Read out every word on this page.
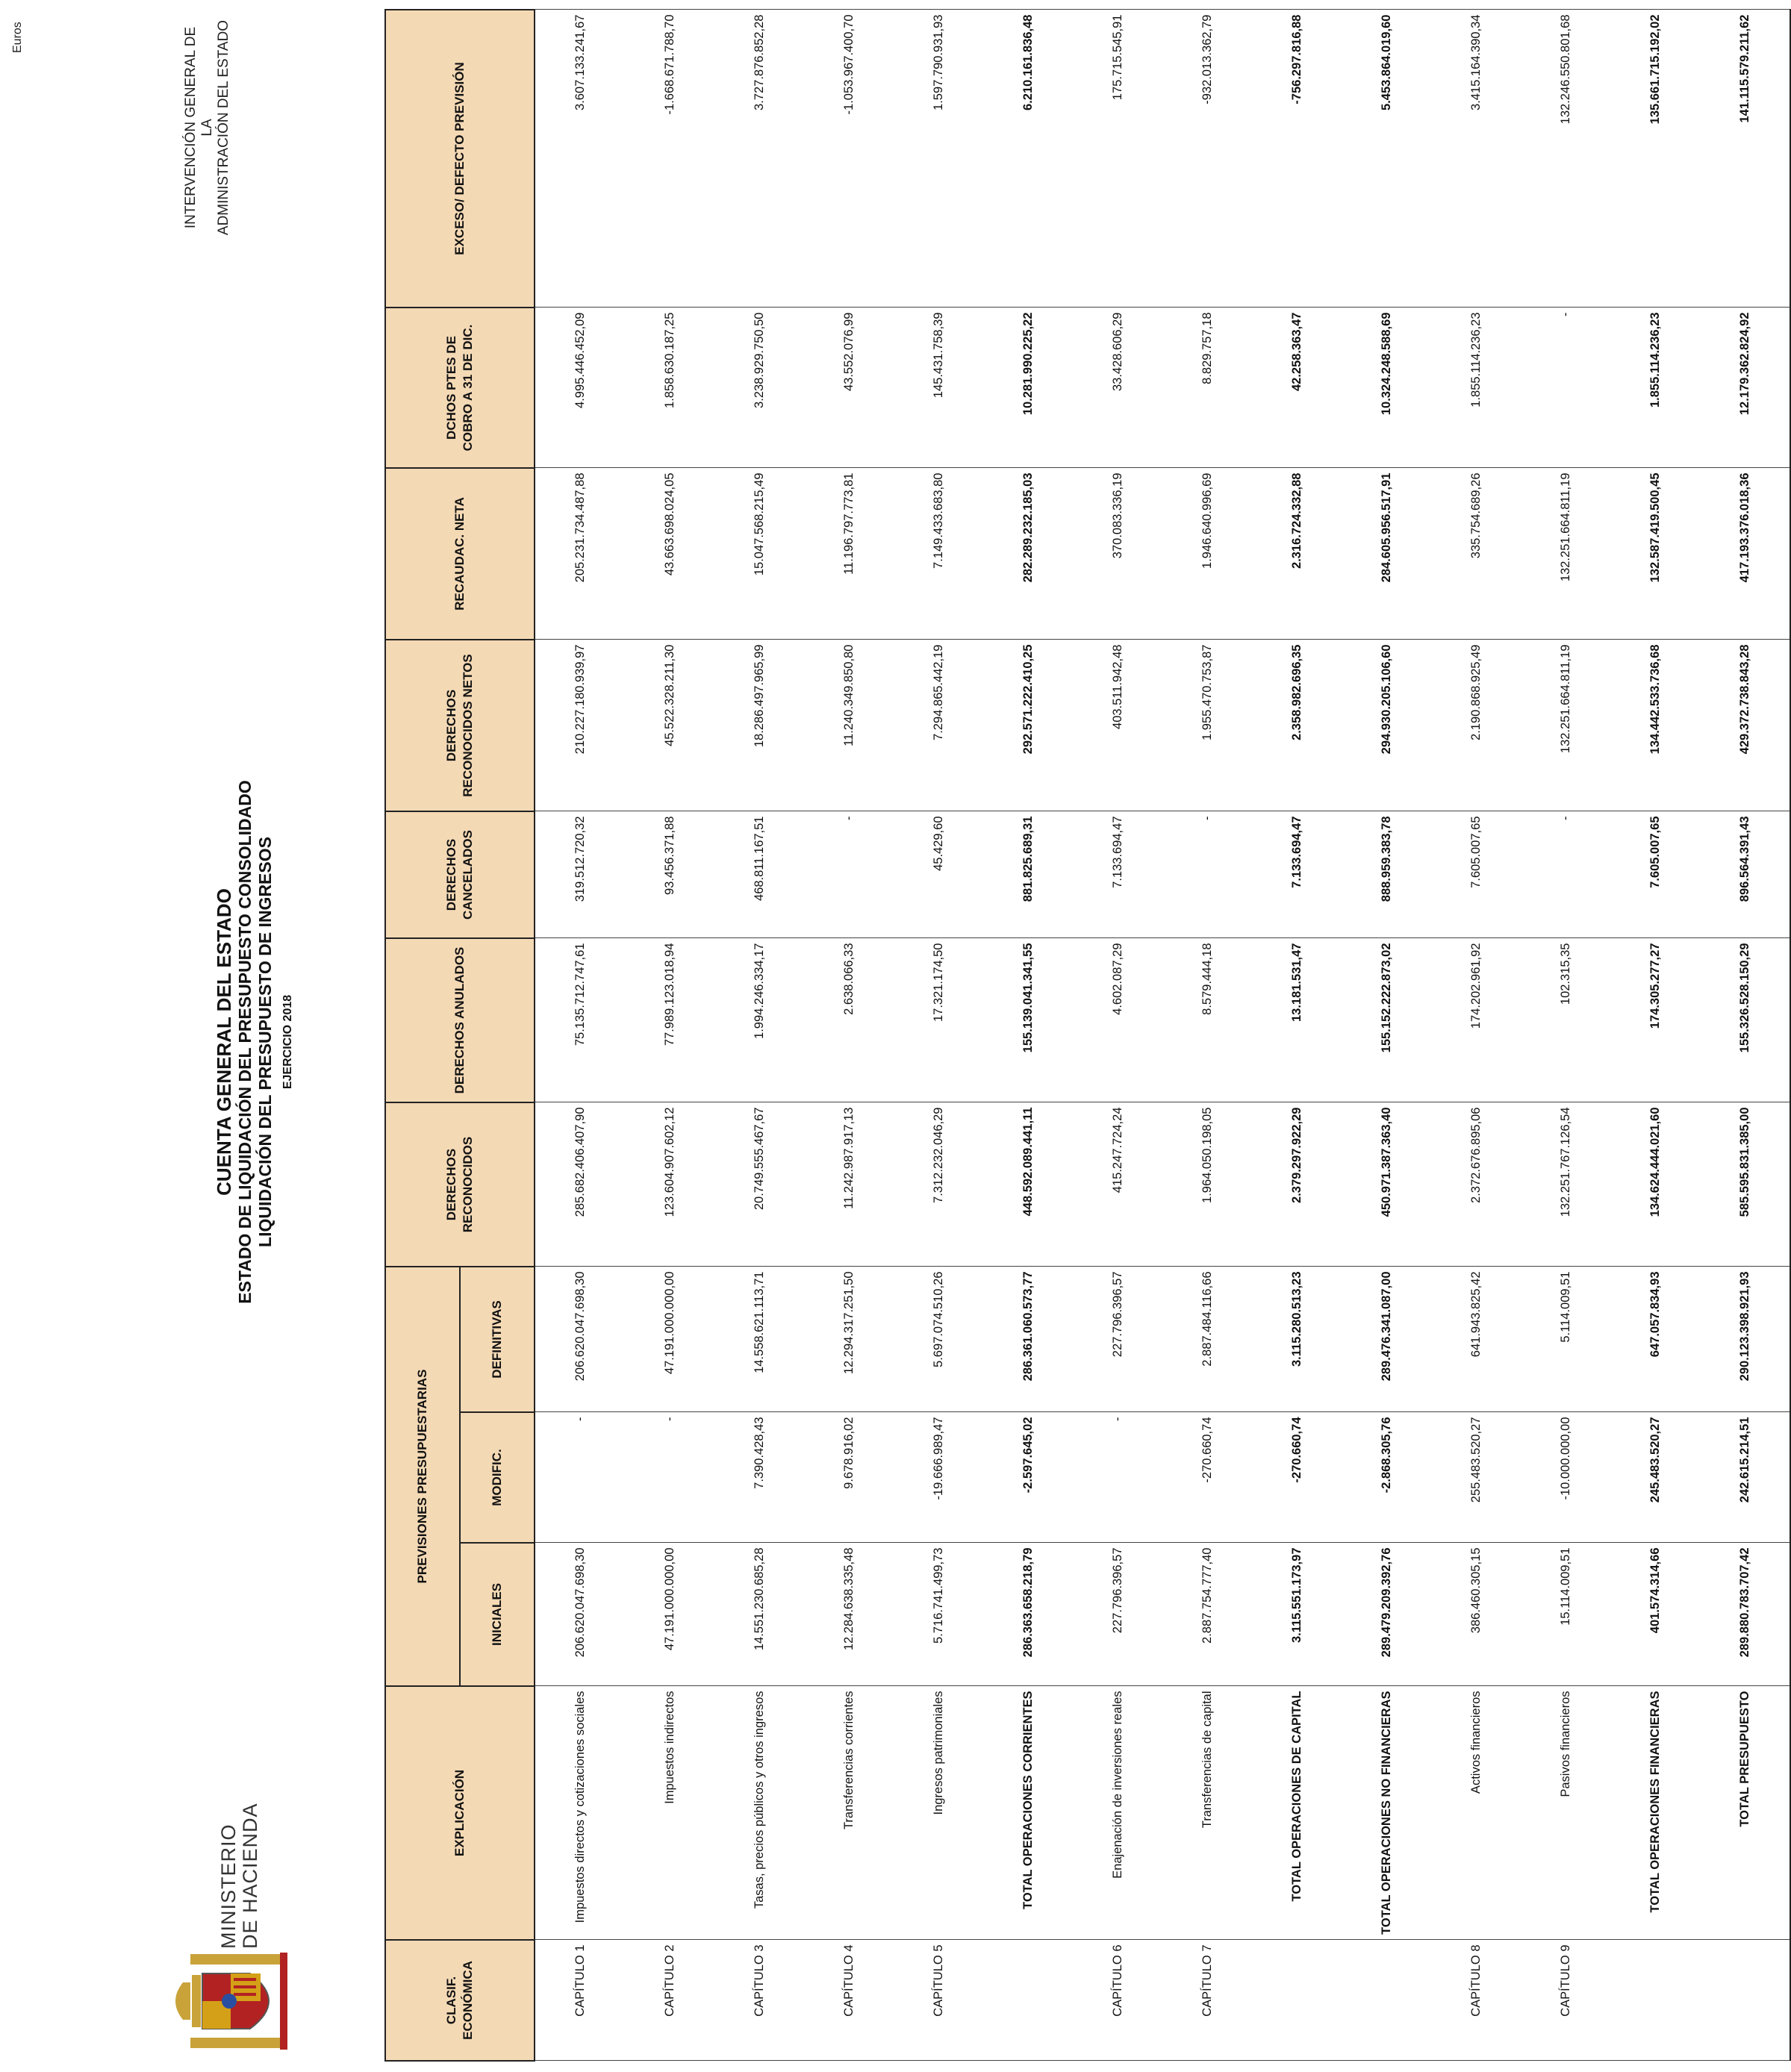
MINISTERIO DE HACIENDA
CUENTA GENERAL DEL ESTADO ESTADO DE LIQUIDACIÓN DEL PRESUPUESTO CONSOLIDADO LIQUIDACIÓN DEL PRESUPUESTO DE INGRESOS EJERCICIO 2018
INTERVENCIÓN GENERAL DE LA ADMINISTRACIÓN DEL ESTADO
Euros
CLASIF. ECONÓMICA	EXPLICACIÓN	PREVISIONES PRESUPUESTARIAS			DERECHOS RECONOCIDOS	DERECHOS ANULADOS	DERECHOS CANCELADOS	DERECHOS RECONOCIDOS NETOS	RECAUDAC. NETA	DCHOS PTES DE COBRO A 31 DE DIC.	EXCESO/ DEFECTO PREVISIÓN
		INICIALES	MODIFIC.	DEFINITIVAS							
CAPÍTULO 1	Impuestos directos y cotizaciones sociales	206.620.047.698,30	-	206.620.047.698,30	285.682.406.407,90	75.135.712.747,61	319.512.720,32	210.227.180.939,97	205.231.734.487,88	4.995.446.452,09	3.607.133.241,67
CAPÍTULO 2	Impuestos indirectos	47.191.000.000,00	-	47.191.000.000,00	123.604.907.602,12	77.989.123.018,94	93.456.371,88	45.522.328.211,30	43.663.698.024,05	1.858.630.187,25	-1.668.671.788,70
CAPÍTULO 3	Tasas, precios públicos y otros ingresos	14.551.230.685,28	7.390.428,43	14.558.621.113,71	20.749.555.467,67	1.994.246.334,17	468.811.167,51	18.286.497.965,99	15.047.568.215,49	3.238.929.750,50	3.727.876.852,28
CAPÍTULO 4	Transferencias corrientes	12.284.638.335,48	9.678.916,02	12.294.317.251,50	11.242.987.917,13	2.638.066,33	-	11.240.349.850,80	11.196.797.773,81	43.552.076,99	-1.053.967.400,70
CAPÍTULO 5	Ingresos patrimoniales	5.716.741.499,73	-19.666.989,47	5.697.074.510,26	7.312.232.046,29	17.321.174,50	45.429,60	7.294.865.442,19	7.149.433.683,80	145.431.758,39	1.597.790.931,93
	TOTAL OPERACIONES CORRIENTES	286.363.658.218,79	-2.597.645,02	286.361.060.573,77	448.592.089.441,11	155.139.041.341,55	881.825.689,31	292.571.222.410,25	282.289.232.185,03	10.281.990.225,22	6.210.161.836,48
CAPÍTULO 6	Enajenación de inversiones reales	227.796.396,57	-	227.796.396,57	415.247.724,24	4.602.087,29	7.133.694,47	403.511.942,48	370.083.336,19	33.428.606,29	175.715.545,91
CAPÍTULO 7	Transferencias de capital	2.887.754.777,40	-270.660,74	2.887.484.116,66	1.964.050.198,05	8.579.444,18	-	1.955.470.753,87	1.946.640.996,69	8.829.757,18	-932.013.362,79
	TOTAL OPERACIONES DE CAPITAL	3.115.551.173,97	-270.660,74	3.115.280.513,23	2.379.297.922,29	13.181.531,47	7.133.694,47	2.358.982.696,35	2.316.724.332,88	42.258.363,47	-756.297.816,88
	TOTAL OPERACIONES NO FINANCIERAS	289.479.209.392,76	-2.868.305,76	289.476.341.087,00	450.971.387.363,40	155.152.222.873,02	888.959.383,78	294.930.205.106,60	284.605.956.517,91	10.324.248.588,69	5.453.864.019,60
CAPÍTULO 8	Activos financieros	386.460.305,15	255.483.520,27	641.943.825,42	2.372.676.895,06	174.202.961,92	7.605.007,65	2.190.868.925,49	335.754.689,26	1.855.114.236,23	3.415.164.390,34
CAPÍTULO 9	Pasivos financieros	15.114.009,51	-10.000.000,00	5.114.009,51	132.251.767.126,54	102.315,35	-	132.251.664.811,19	132.251.664.811,19	-	132.246.550.801,68
	TOTAL OPERACIONES FINANCIERAS	401.574.314,66	245.483.520,27	647.057.834,93	134.624.444.021,60	174.305.277,27	7.605.007,65	134.442.533.736,68	132.587.419.500,45	1.855.114.236,23	135.661.715.192,02
	TOTAL PRESUPUESTO	289.880.783.707,42	242.615.214,51	290.123.398.921,93	585.595.831.385,00	155.326.528.150,29	896.564.391,43	429.372.738.843,28	417.193.376.018,36	12.179.362.824,92	141.115.579.211,62
